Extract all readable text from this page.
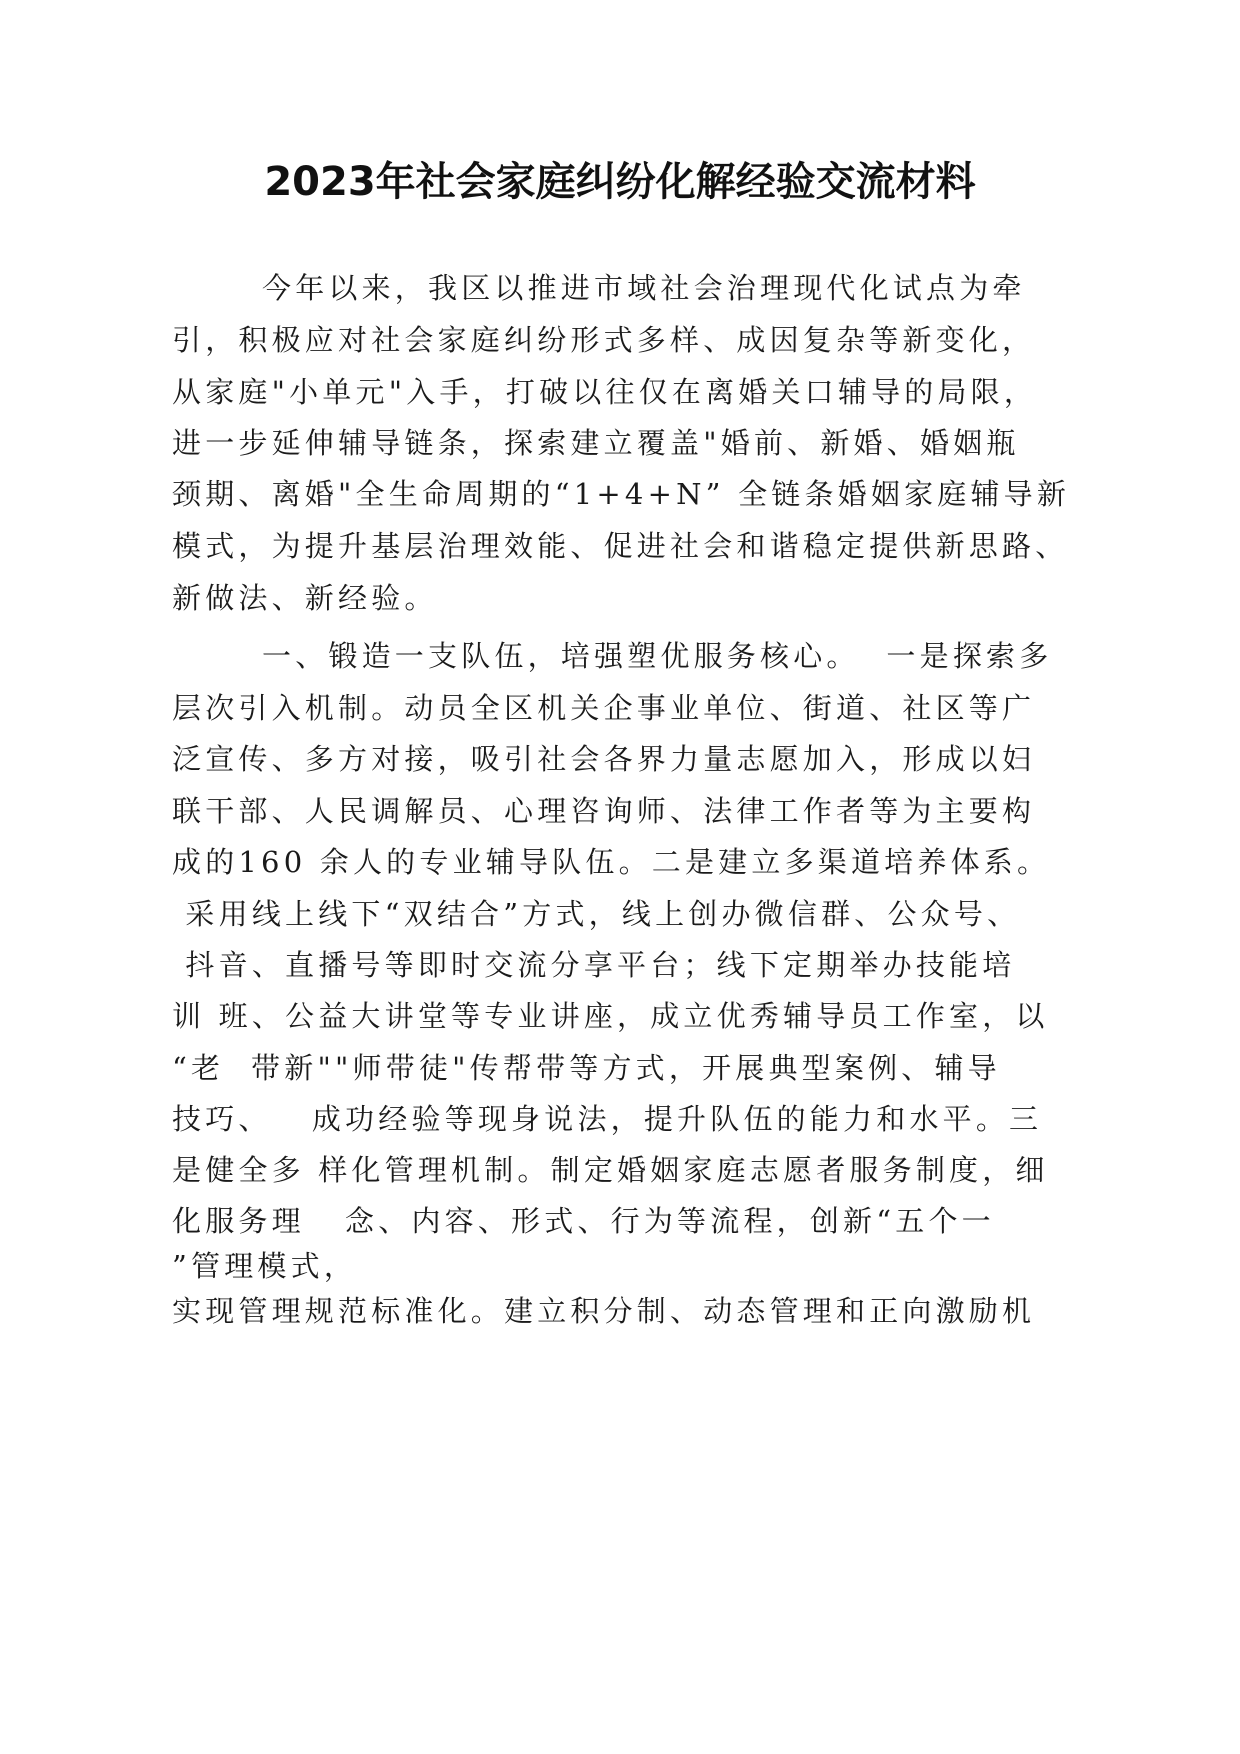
2023年社会家庭纠纷化解经验交流材料
今年以来，我区以推进市域社会治理现代化试点为牵
引，积极应对社会家庭纠纷形式多样、成因复杂等新变化，
从家庭"小单元"入手，打破以往仅在离婚关口辅导的局限，
进一步延伸辅导链条，探索建立覆盖"婚前、新婚、婚姻瓶
颈期、离婚"全生命周期的“1+4+N” 全链条婚姻家庭辅导新
模式，为提升基层治理效能、促进社会和谐稳定提供新思路、
新做法、新经验。
一、锻造一支队伍，培强塑优服务核心。  一是探索多
层次引入机制。动员全区机关企事业单位、街道、社区等广
泛宣传、多方对接，吸引社会各界力量志愿加入，形成以妇
联干部、人民调解员、心理咨询师、法律工作者等为主要构
成的160 余人的专业辅导队伍。二是建立多渠道培养体系。
采用线上线下“双结合”方式，线上创办微信群、公众号、
抖音、直播号等即时交流分享平台；线下定期举办技能培
训 班、公益大讲堂等专业讲座，成立优秀辅导员工作室，以
“老  带新""师带徒"传帮带等方式，开展典型案例、辅导
技巧、   成功经验等现身说法，提升队伍的能力和水平。三
是健全多 样化管理机制。制定婚姻家庭志愿者服务制度，细
化服务理   念、内容、形式、行为等流程，创新“五个一
”管理模式，
实现管理规范标准化。建立积分制、动态管理和正向激励机
